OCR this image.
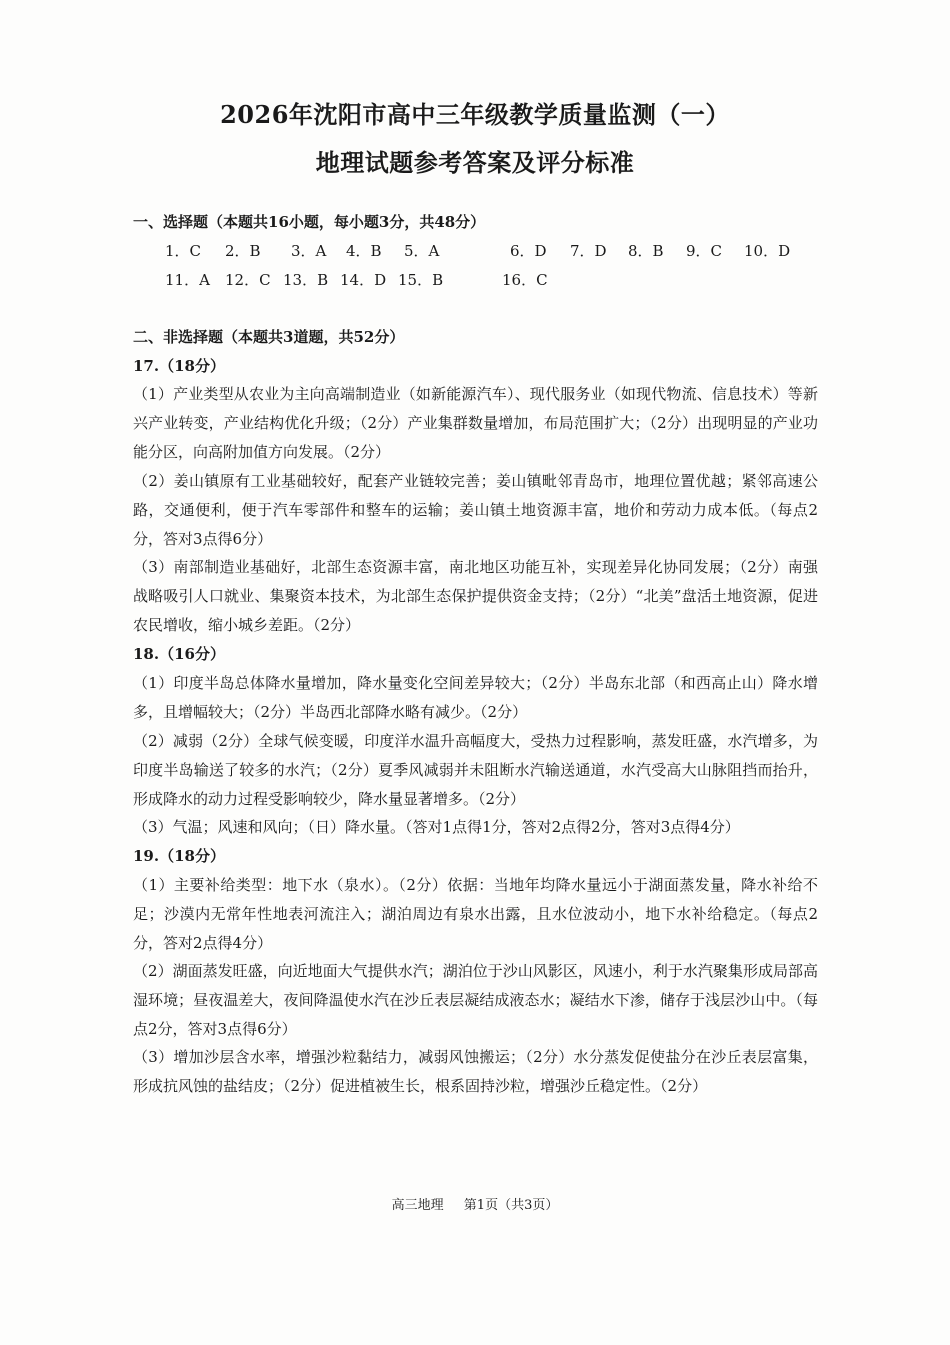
2026年沈阳市高中三年级教学质量监测（一）
地理试题参考答案及评分标准
一、选择题（本题共16小题，每小题3分，共48分）
1．C 2．B 3．A 4．B 5．A	6．D 7．D 8．B 9．C 10．D
11．A 12．C 13．B 14．D 15．B	16．C
二、非选择题（本题共3道题，共52分）
17.（18分）
（1）产业类型从农业为主向高端制造业（如新能源汽车）、现代服务业（如现代物流、信息技术）等新兴产业转变，产业结构优化升级；（2分）产业集群数量增加，布局范围扩大；（2分）出现明显的产业功能分区，向高附加值方向发展。（2分）
（2）姜山镇原有工业基础较好，配套产业链较完善；姜山镇毗邻青岛市，地理位置优越；紧邻高速公路，交通便利，便于汽车零部件和整车的运输；姜山镇土地资源丰富，地价和劳动力成本低。（每点2分，答对3点得6分）
（3）南部制造业基础好，北部生态资源丰富，南北地区功能互补，实现差异化协同发展；（2分）南强战略吸引人口就业、集聚资本技术，为北部生态保护提供资金支持；（2分）“北美”盘活土地资源，促进农民增收，缩小城乡差距。（2分）
18.（16分）
（1）印度半岛总体降水量增加，降水量变化空间差异较大；（2分）半岛东北部（和西高止山）降水增多，且增幅较大；（2分）半岛西北部降水略有减少。（2分）
（2）减弱（2分）全球气候变暖，印度洋水温升高幅度大，受热力过程影响，蒸发旺盛，水汽增多，为印度半岛输送了较多的水汽；（2分）夏季风减弱并未阻断水汽输送通道，水汽受高大山脉阻挡而抬升，形成降水的动力过程受影响较少，降水量显著增多。（2分）
（3）气温；风速和风向；（日）降水量。（答对1点得1分，答对2点得2分，答对3点得4分）
19.（18分）
（1）主要补给类型：地下水（泉水）。（2分）依据：当地年均降水量远小于湖面蒸发量，降水补给不足；沙漠内无常年性地表河流注入；湖泊周边有泉水出露，且水位波动小，地下水补给稳定。（每点2分，答对2点得4分）
（2）湖面蒸发旺盛，向近地面大气提供水汽；湖泊位于沙山风影区，风速小，利于水汽聚集形成局部高湿环境；昼夜温差大，夜间降温使水汽在沙丘表层凝结成液态水；凝结水下渗，储存于浅层沙山中。（每点2分，答对3点得6分）
（3）增加沙层含水率，增强沙粒黏结力，减弱风蚀搬运；（2分）水分蒸发促使盐分在沙丘表层富集，形成抗风蚀的盐结皮；（2分）促进植被生长，根系固持沙粒，增强沙丘稳定性。（2分）
高三地理 第1页（共3页）
